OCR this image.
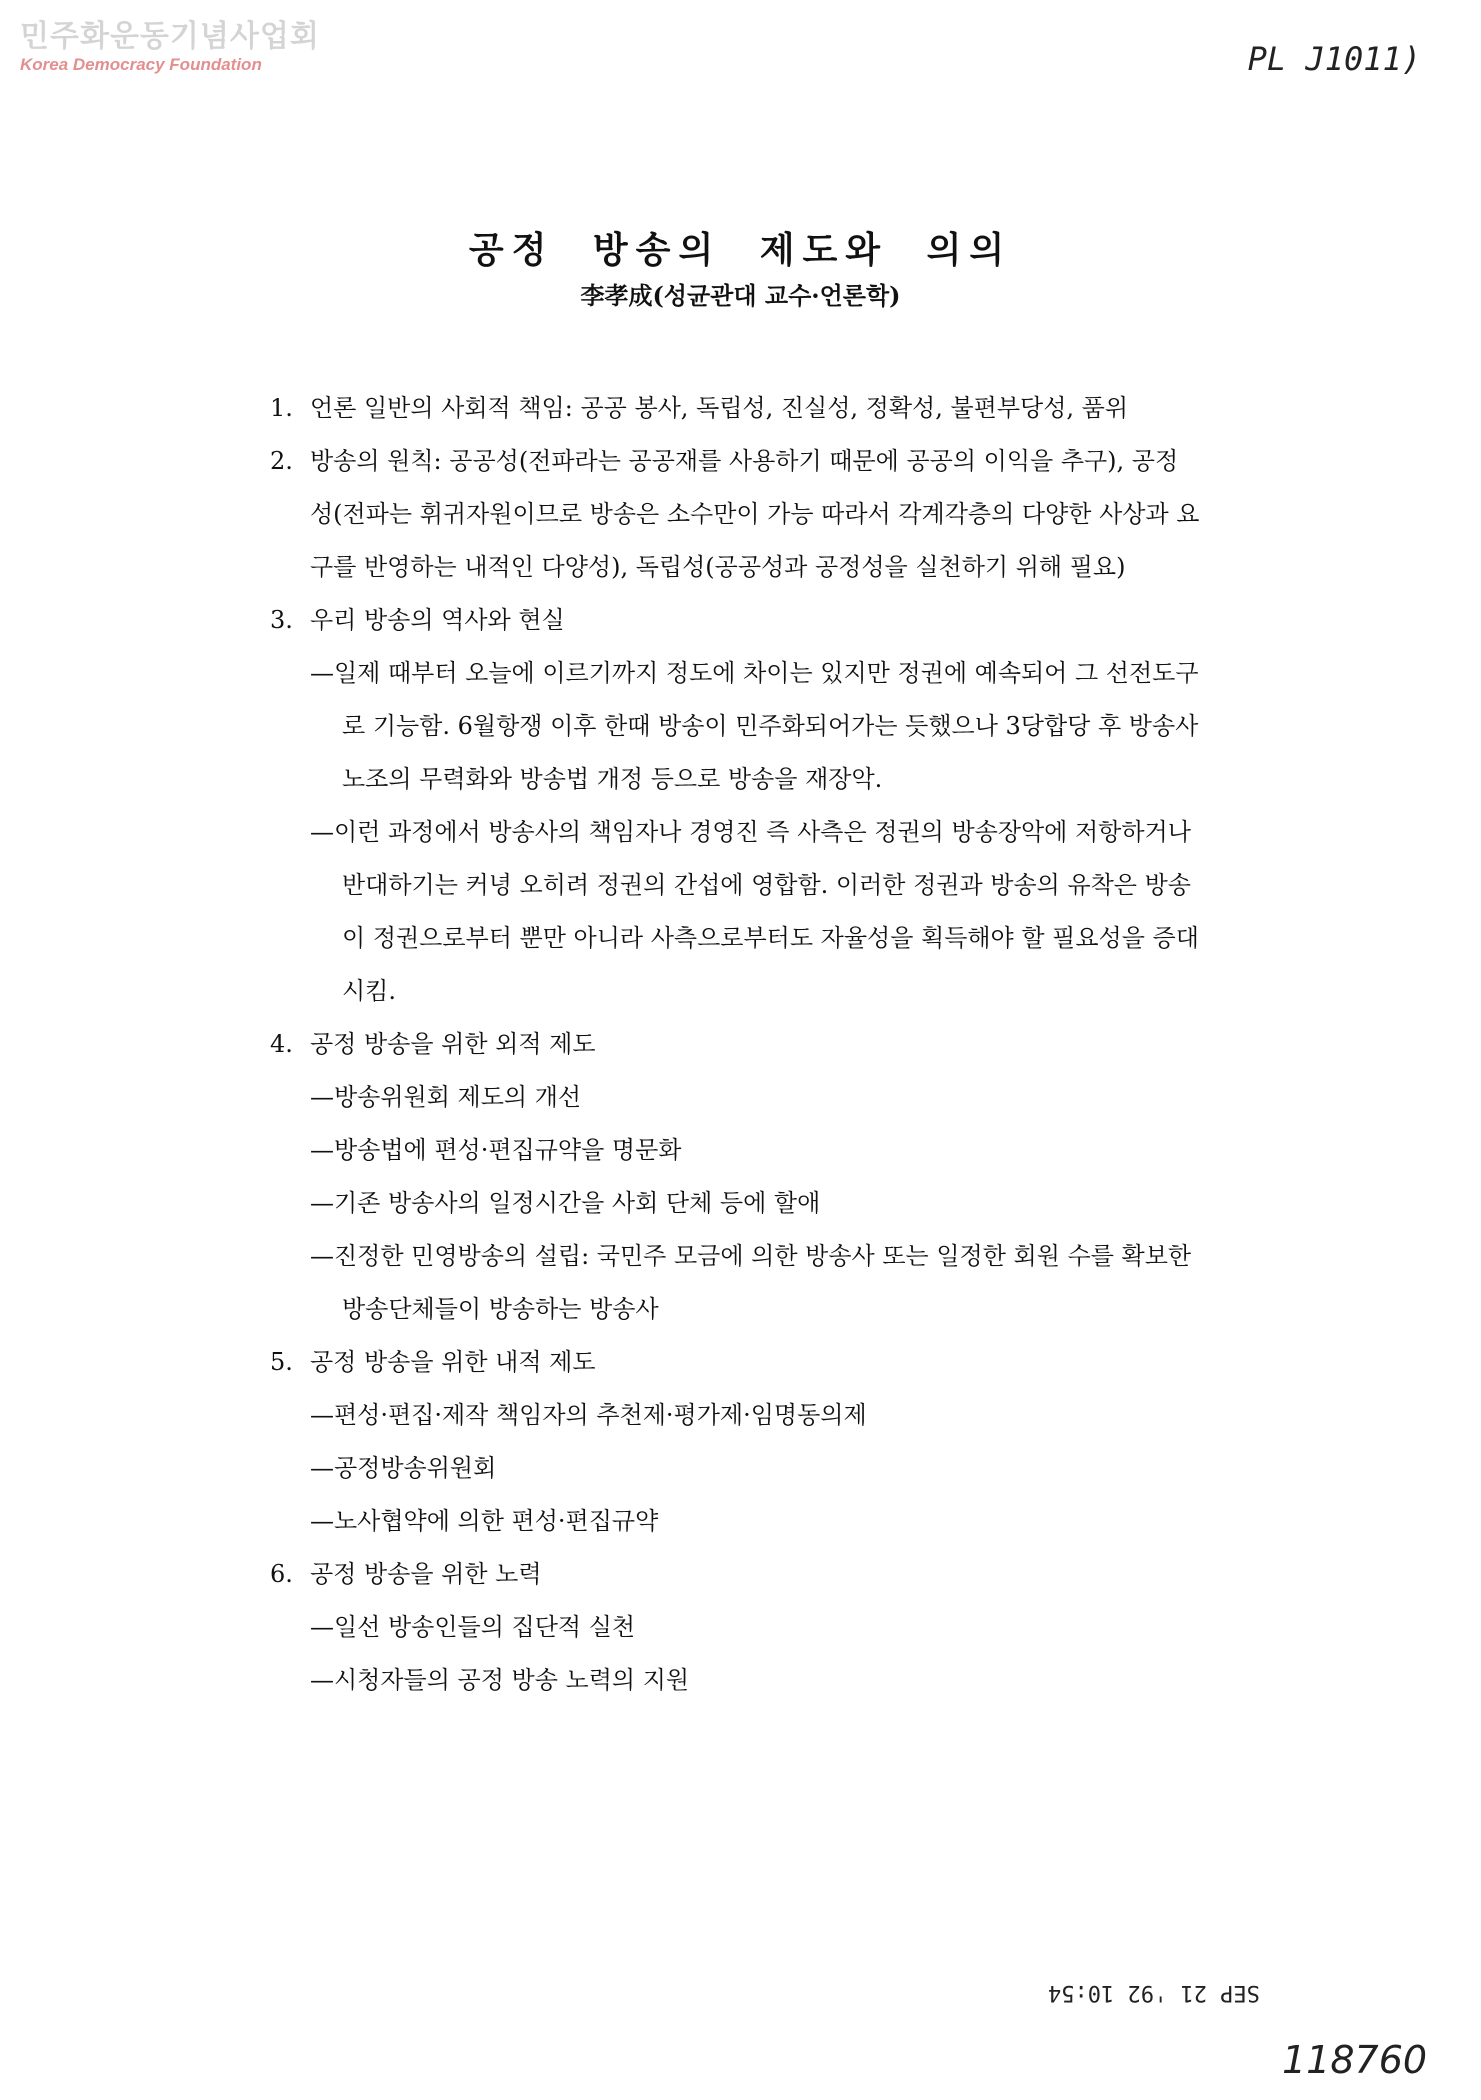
민주화운동기념사업회
Korea Democracy Foundation	PL J1011)
공정 방송의 제도와 의의
李孝成(성균관대 교수·언론학)
1. 언론 일반의 사회적 책임: 공공 봉사, 독립성, 진실성, 정확성, 불편부당성, 품위
2. 방송의 원칙: 공공성(전파라는 공공재를 사용하기 때문에 공공의 이익을 추구), 공정성(전파는 휘귀자원이므로 방송은 소수만이 가능 따라서 각계각층의 다양한 사상과 요구를 반영하는 내적인 다양성), 독립성(공공성과 공정성을 실천하기 위해 필요)
3. 우리 방송의 역사와 현실
—일제 때부터 오늘에 이르기까지 정도에 차이는 있지만 정권에 예속되어 그 선전도구로 기능함. 6월항쟁 이후 한때 방송이 민주화되어가는 듯했으나 3당합당 후 방송사 노조의 무력화와 방송법 개정 등으로 방송을 재장악.
—이런 과정에서 방송사의 책임자나 경영진 즉 사측은 정권의 방송장악에 저항하거나 반대하기는 커녕 오히려 정권의 간섭에 영합함. 이러한 정권과 방송의 유착은 방송이 정권으로부터 뿐만 아니라 사측으로부터도 자율성을 획득해야 할 필요성을 증대시킴.
4. 공정 방송을 위한 외적 제도
—방송위원회 제도의 개선
—방송법에 편성·편집규약을 명문화
—기존 방송사의 일정시간을 사회 단체 등에 할애
—진정한 민영방송의 설립: 국민주 모금에 의한 방송사 또는 일정한 회원 수를 확보한 방송단체들이 방송하는 방송사
5. 공정 방송을 위한 내적 제도
—편성·편집·제작 책임자의 추천제·평가제·임명동의제
—공정방송위원회
—노사협약에 의한 편성·편집규약
6. 공정 방송을 위한 노력
—일선 방송인들의 집단적 실천
—시청자들의 공정 방송 노력의 지원
SEP 21 '92 10:54
118760
